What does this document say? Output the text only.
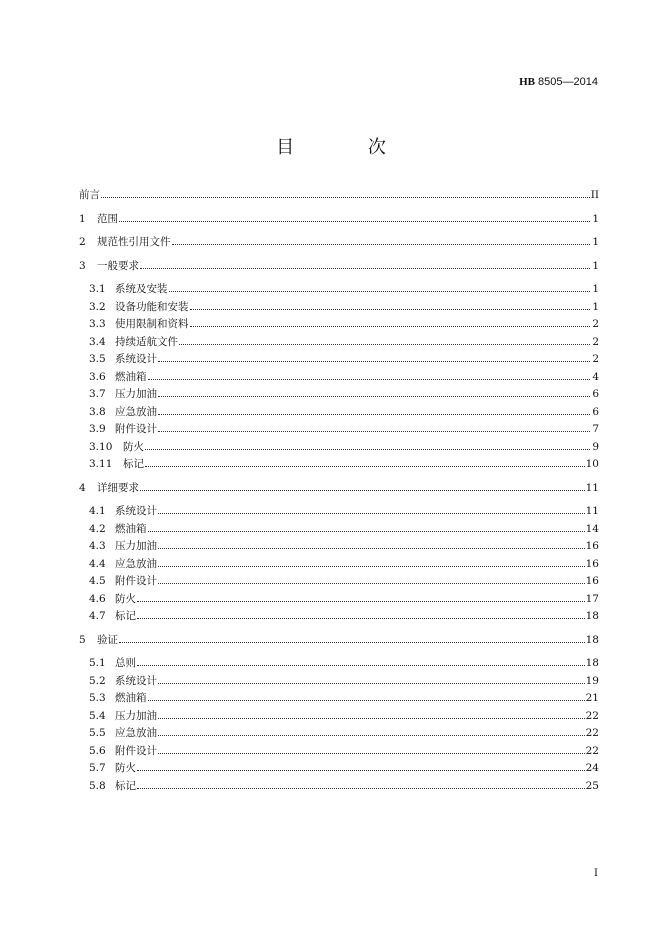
HB 8505—2014
目 次
前言	II
1	范围	1
2	规范性引用文件	1
3	一般要求	1
3.1 系统及安装	1
3.2 设备功能和安装	1
3.3 使用限制和资料	2
3.4 持续适航文件	2
3.5 系统设计	2
3.6 燃油箱	4
3.7 压力加油	6
3.8 应急放油	6
3.9 附件设计	7
3.10	防火	9
3.11	标记	10
4	详细要求	11
4.1 系统设计	11
4.2 燃油箱	14
4.3 压力加油	16
4.4 应急放油	16
4.5 附件设计	16
4.6 防火	17
4.7 标记	18
5	验证	18
5.1 总则	18
5.2 系统设计	19
5.3 燃油箱	21
5.4 压力加油	22
5.5 应急放油	22
5.6 附件设计	22
5.7 防火	24
5.8 标记	25
I
